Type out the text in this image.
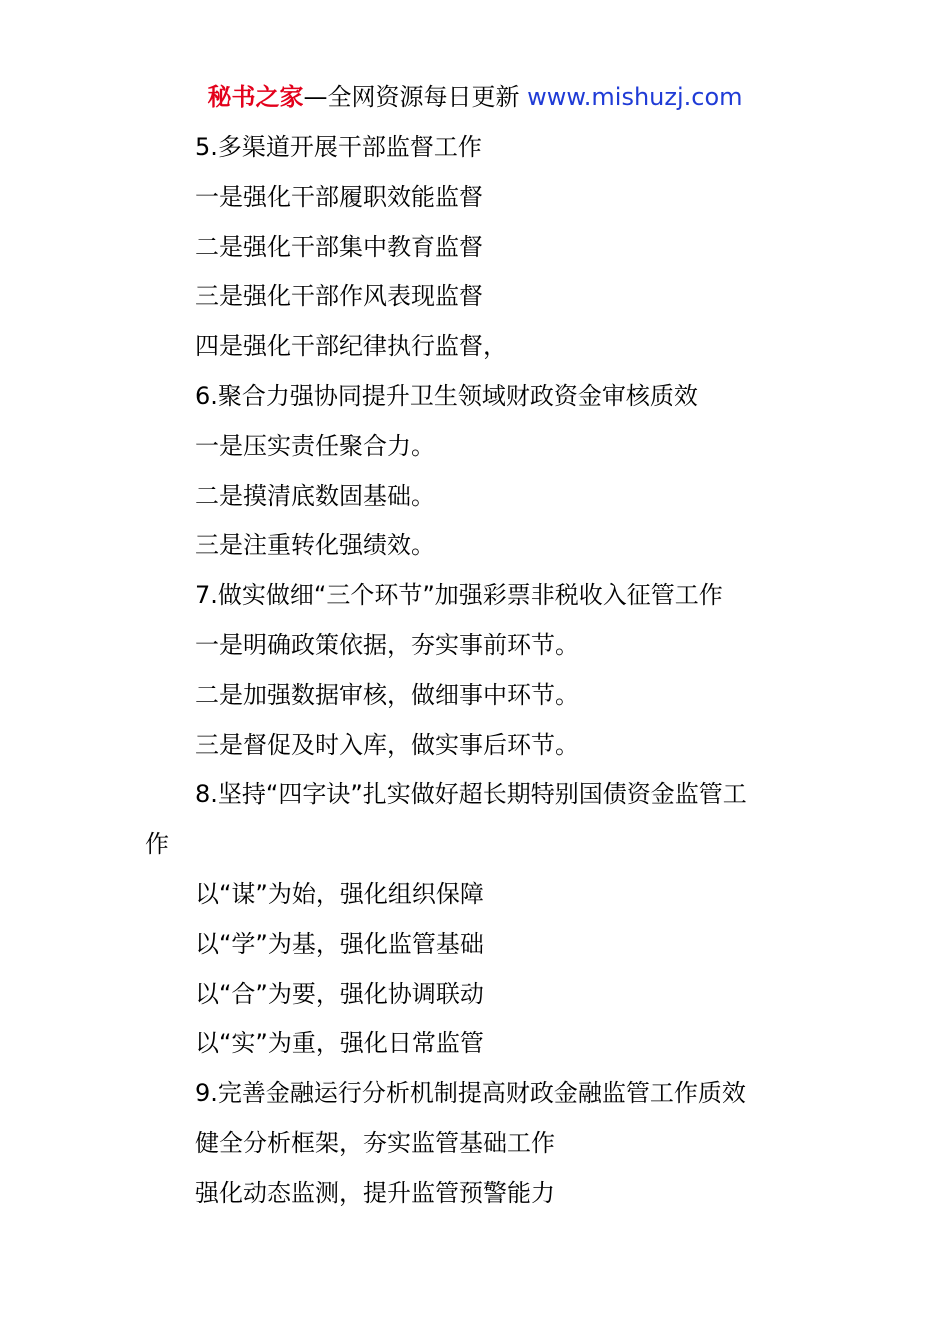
秘书之家—全网资源每日更新 www.mishuzj.com
5.多渠道开展干部监督工作
一是强化干部履职效能监督
二是强化干部集中教育监督
三是强化干部作风表现监督
四是强化干部纪律执行监督，
6.聚合力强协同提升卫生领域财政资金审核质效
一是压实责任聚合力。
二是摸清底数固基础。
三是注重转化强绩效。
7.做实做细“三个环节”加强彩票非税收入征管工作
一是明确政策依据，夯实事前环节。
二是加强数据审核，做细事中环节。
三是督促及时入库，做实事后环节。
8.坚持“四字诀”扎实做好超长期特别国债资金监管工
作
以“谋”为始，强化组织保障
以“学”为基，强化监管基础
以“合”为要，强化协调联动
以“实”为重，强化日常监管
9.完善金融运行分析机制提高财政金融监管工作质效
健全分析框架，夯实监管基础工作
强化动态监测，提升监管预警能力
